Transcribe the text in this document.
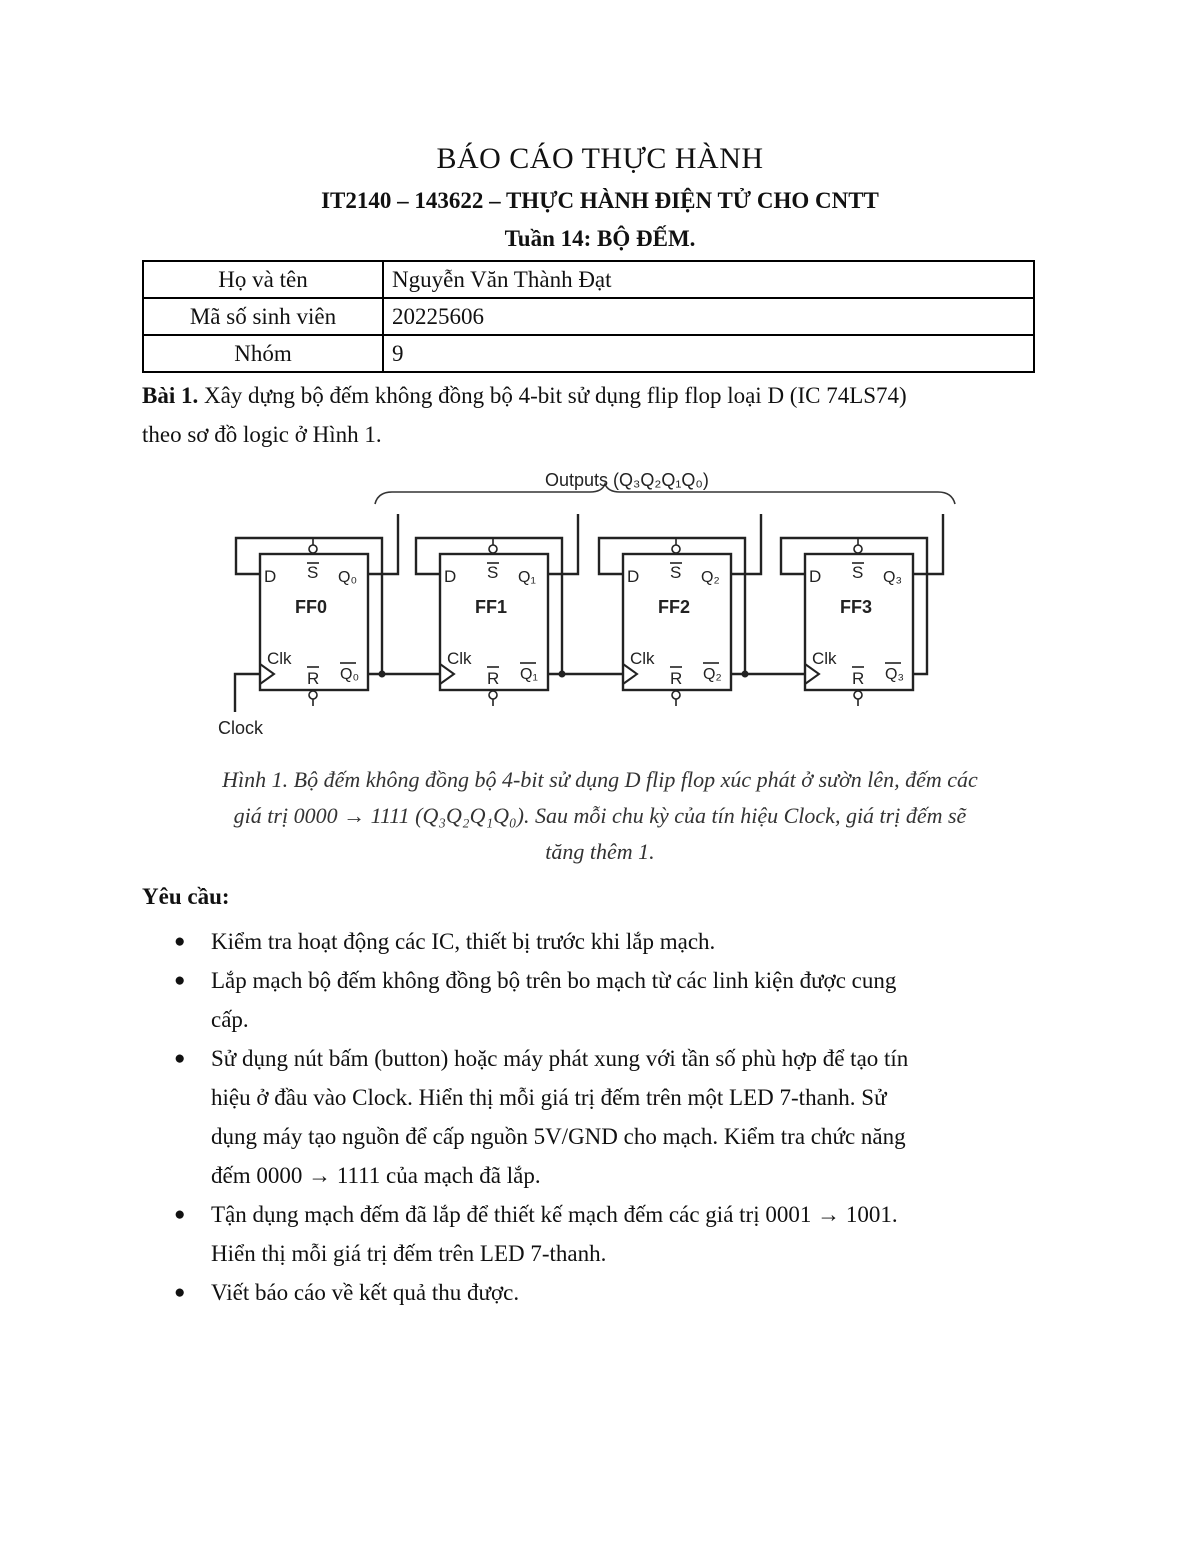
BÁO CÁO THỰC HÀNH
IT2140 – 143622 – THỰC HÀNH ĐIỆN TỬ CHO CNTT
Tuần 14: BỘ ĐẾM.
Họ và tên	Nguyễn Văn Thành Đạt
Mã số sinh viên	20225606
Nhóm	9
Bài 1. Xây dựng bộ đếm không đồng bộ 4-bit sử dụng flip flop loại D (IC 74LS74)
theo sơ đồ logic ở Hình 1.
Outputs (Q₃Q₂Q₁Q₀)
Clock
D S Q₀
FF0
Clk
R Q₀
D S Q₁
FF1
Clk
R Q₁
D S Q₂
FF2
Clk
R Q₂
D S Q₃
FF3
Clk
R Q₃
Hình 1. Bộ đếm không đồng bộ 4-bit sử dụng D flip flop xúc phát ở sườn lên, đếm các
giá trị 0000 → 1111 (Q₃Q₂Q₁Q₀). Sau mỗi chu kỳ của tín hiệu Clock, giá trị đếm sẽ
tăng thêm 1.
Yêu cầu:
● Kiểm tra hoạt động các IC, thiết bị trước khi lắp mạch.
● Lắp mạch bộ đếm không đồng bộ trên bo mạch từ các linh kiện được cung
cấp.
● Sử dụng nút bấm (button) hoặc máy phát xung với tần số phù hợp để tạo tín
hiệu ở đầu vào Clock. Hiển thị mỗi giá trị đếm trên một LED 7-thanh. Sử
dụng máy tạo nguồn để cấp nguồn 5V/GND cho mạch. Kiểm tra chức năng
đếm 0000 → 1111 của mạch đã lắp.
● Tận dụng mạch đếm đã lắp để thiết kế mạch đếm các giá trị 0001 → 1001.
Hiển thị mỗi giá trị đếm trên LED 7-thanh.
● Viết báo cáo về kết quả thu được.
